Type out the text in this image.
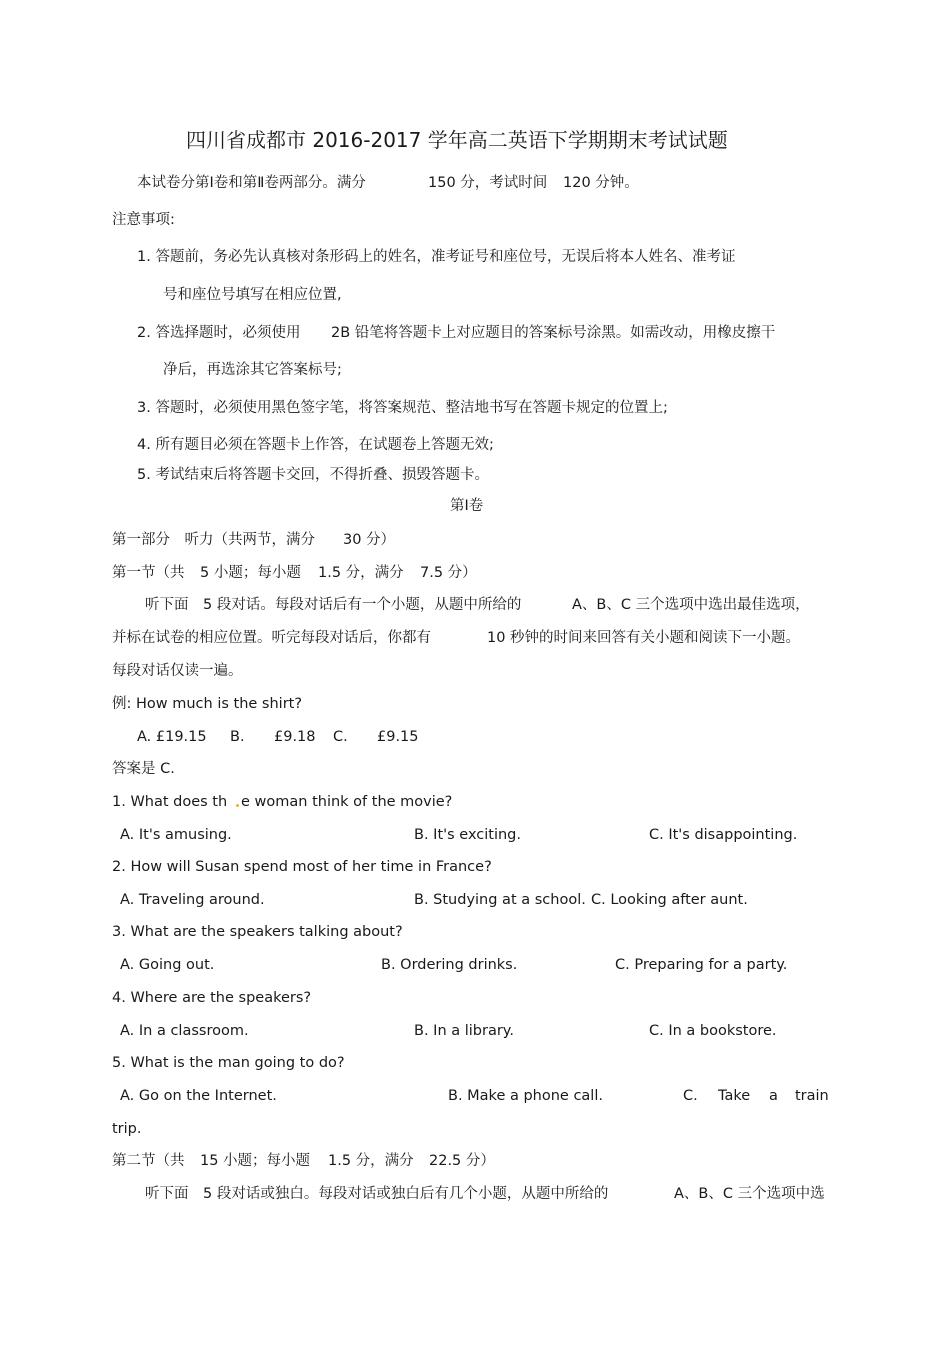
四川省成都市 2016-2017 学年高二英语下学期期末考试试题
本试卷分第Ⅰ卷和第Ⅱ卷两部分。满分	150 分，考试时间 120 分钟。
注意事项:
1. 答题前，务必先认真核对条形码上的姓名，准考证号和座位号，无误后将本人姓名、准考证
号和座位号填写在相应位置,
2. 答选择题时，必须使用 2B 铅笔将答题卡上对应题目的答案标号涂黑。如需改动，用橡皮擦干
净后，再选涂其它答案标号;
3. 答题时，必须使用黑色签字笔，将答案规范、整洁地书写在答题卡规定的位置上;
4. 所有题目必须在答题卡上作答，在试题卷上答题无效;
5. 考试结束后将答题卡交回，不得折叠、损毁答题卡。
第Ⅰ卷
第一部分　听力（共两节，满分 30 分）
第一节（共 5 小题；每小题 1.5 分，满分 7.5 分）
听下面　5 段对话。每段对话后有一个小题，从题中所给的	A、B、C 三个选项中选出最佳选项，
并标在试卷的相应位置。听完每段对话后，你都有	10 秒钟的时间来回答有关小题和阅读下一小题。
每段对话仅读一遍。
例: How much is the shirt?
A. £19.15 B. £9.18 C. £9.15
答案是 C.
1. What does th e woman think of the movie?
A. It's amusing.	B. It's exciting.	C. It's disappointing.
2. How will Susan spend most of her time in France?
A. Traveling around.	B. Studying at a school. C. Looking after aunt.
3. What are the speakers talking about?
A. Going out.	B. Ordering drinks.	C. Preparing for a party.
4. Where are the speakers?
A. In a classroom.	B. In a library.	C. In a bookstore.
5. What is the man going to do?
A. Go on the Internet.	B. Make a phone call.	C. Take a train
trip.
第二节（共 15 小题；每小题 1.5 分，满分 22.5 分）
听下面　5 段对话或独白。每段对话或独白后有几个小题，从题中所给的	A、B、C 三个选项中选
